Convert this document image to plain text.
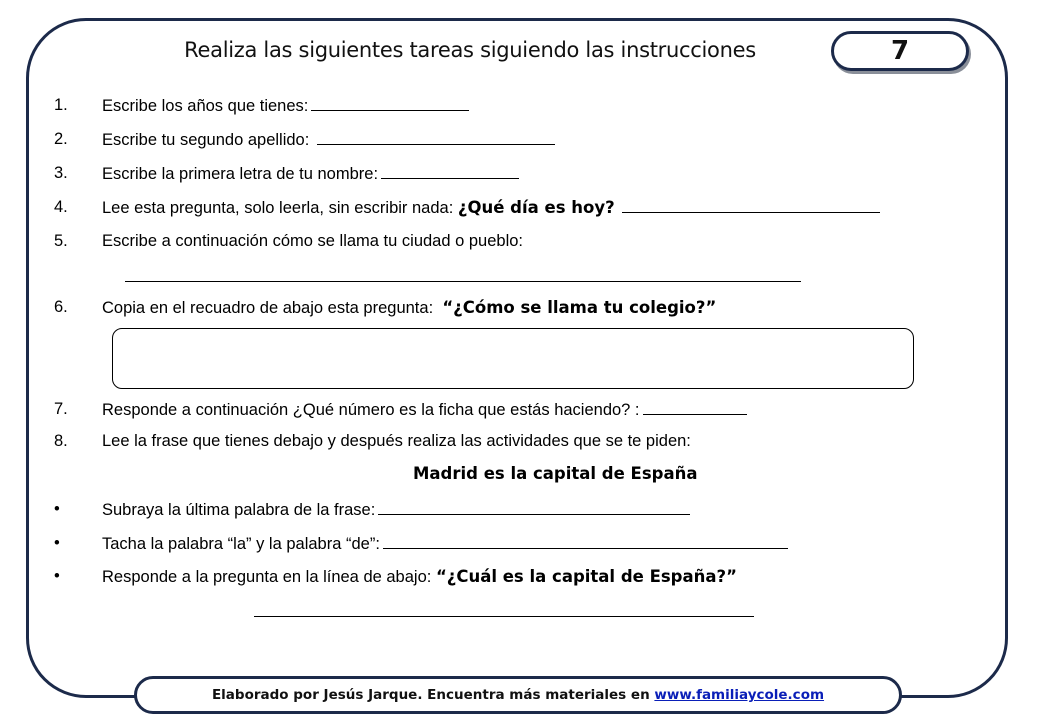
Realiza las siguientes tareas siguiendo las instrucciones	7
1. Escribe los años que tienes:
2. Escribe tu segundo apellido:
3. Escribe la primera letra de tu nombre:
4. Lee esta pregunta, solo leerla, sin escribir nada: ¿Qué día es hoy?
5. Escribe a continuación cómo se llama tu ciudad o pueblo:
6. Copia en el recuadro de abajo esta pregunta: “¿Cómo se llama tu colegio?”
7. Responde a continuación ¿Qué número es la ficha que estás haciendo? :
8. Lee la frase que tienes debajo y después realiza las actividades que se te piden:
Madrid es la capital de España
•	Subraya la última palabra de la frase:
•	Tacha la palabra “la” y la palabra “de”:
•	Responde a la pregunta en la línea de abajo: “¿Cuál es la capital de España?”
Elaborado por Jesús Jarque. Encuentra más materiales en www.familiaycole.com
